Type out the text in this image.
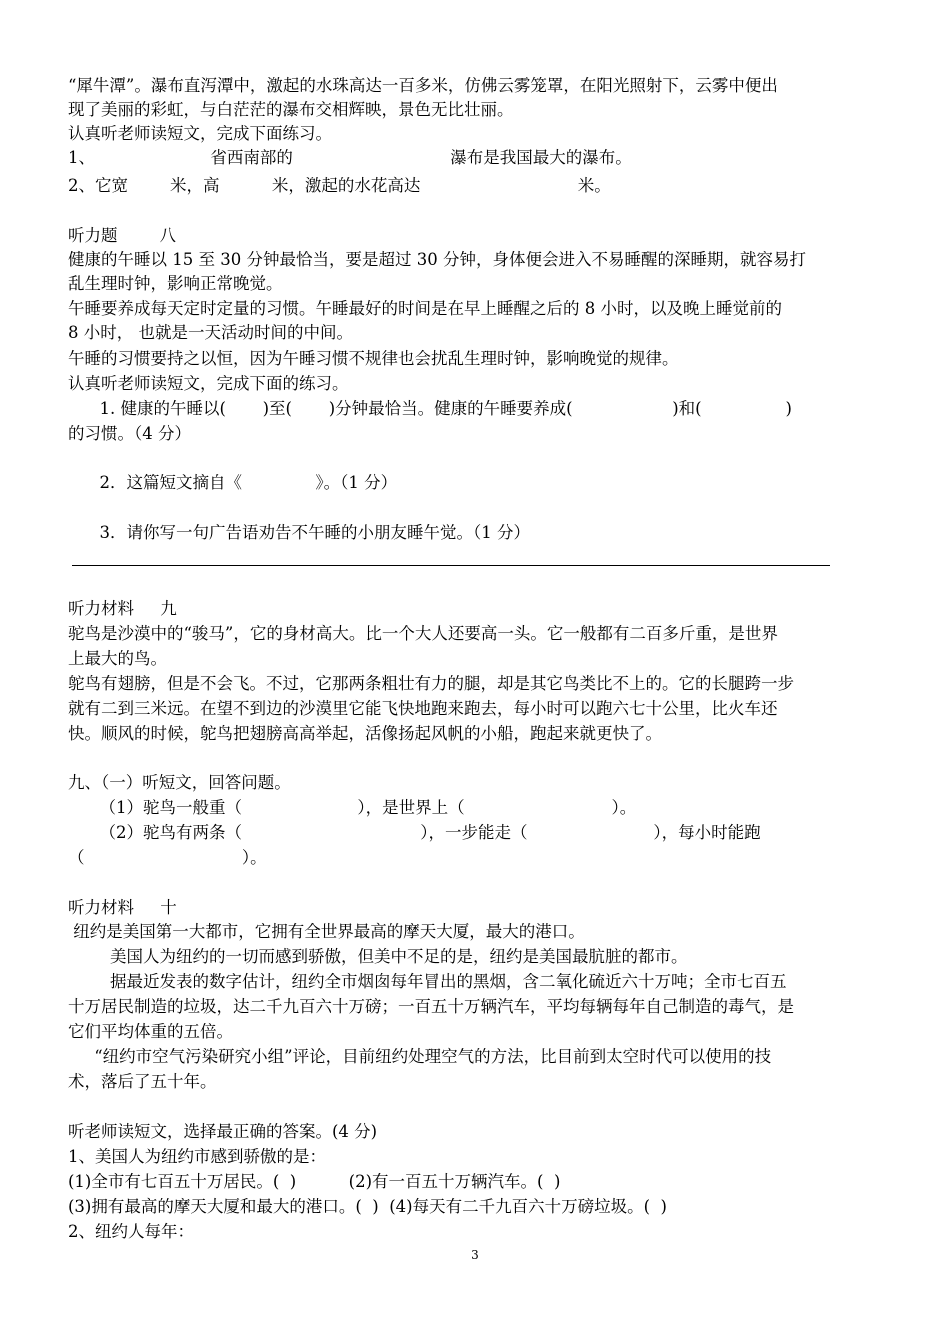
“犀牛潭”。瀑布直泻潭中，激起的水珠高达一百多米，仿佛云雾笼罩，在阳光照射下，云雾中便出
现了美丽的彩虹，与白茫茫的瀑布交相辉映，景色无比壮丽。
认真听老师读短文，完成下面练习。
1、                      省西南部的                              瀑布是我国最大的瀑布。
2、它宽        米，高          米，激起的水花高达                              米。
听力题        八
健康的午睡以 15 至 30 分钟最恰当，要是超过 30 分钟，身体便会进入不易睡醒的深睡期，就容易打
乱生理时钟，影响正常晚觉。
午睡要养成每天定时定量的习惯。午睡最好的时间是在早上睡醒之后的 8 小时，以及晚上睡觉前的
8 小时， 也就是一天活动时间的中间。
午睡的习惯要持之以恒，因为午睡习惯不规律也会扰乱生理时钟，影响晚觉的规律。
认真听老师读短文，完成下面的练习。
1. 健康的午睡以(       )至(       )分钟最恰当。健康的午睡要养成(                   )和(                )
的习惯。（4 分）
2．这篇短文摘自《              》。（1 分）
3．请你写一句广告语劝告不午睡的小朋友睡午觉。（1 分）
听力材料     九
驼鸟是沙漠中的“骏马”，它的身材高大。比一个大人还要高一头。它一般都有二百多斤重，是世界
上最大的鸟。
鸵鸟有翅膀，但是不会飞。不过，它那两条粗壮有力的腿，却是其它鸟类比不上的。它的长腿跨一步
就有二到三米远。在望不到边的沙漠里它能飞快地跑来跑去，每小时可以跑六七十公里，比火车还
快。顺风的时候，鸵鸟把翅膀高高举起，活像扬起风帆的小船，跑起来就更快了。
九、（一）听短文，回答问题。
（1）驼鸟一般重（                      ），是世界上（                            ）。
（2）驼鸟有两条（                                  ），一步能走（                        ），每小时能跑
（                              ）。
听力材料     十
纽约是美国第一大都市，它拥有全世界最高的摩天大厦，最大的港口。
美国人为纽约的一切而感到骄傲，但美中不足的是，纽约是美国最肮脏的都市。
据最近发表的数字估计，纽约全市烟囱每年冒出的黑烟，含二氧化硫近六十万吨；全市七百五
十万居民制造的垃圾，达二千九百六十万磅；一百五十万辆汽车，平均每辆每年自己制造的毒气，是
它们平均体重的五倍。
“纽约市空气污染研究小组”评论，目前纽约处理空气的方法，比目前到太空时代可以使用的技
术，落后了五十年。
听老师读短文，选择最正确的答案。(4 分)
1、美国人为纽约市感到骄傲的是：
(1)全市有七百五十万居民。(  )          (2)有一百五十万辆汽车。(  )
(3)拥有最高的摩天大厦和最大的港口。(  )  (4)每天有二千九百六十万磅垃圾。(  )
2、纽约人每年：
3
